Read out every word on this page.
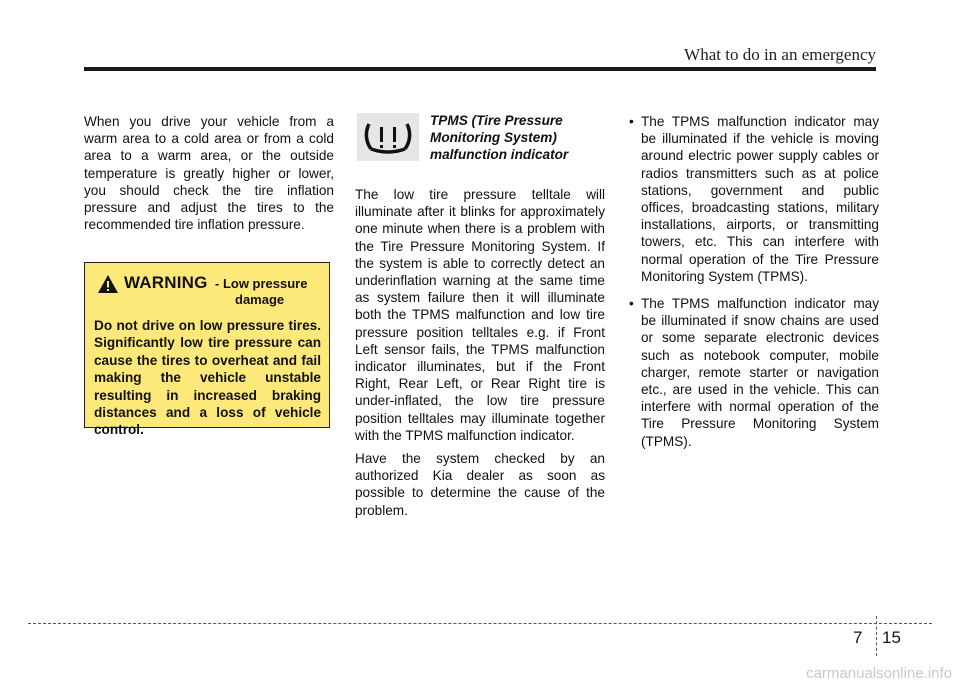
What to do in an emergency

When you drive your vehicle from a warm area to a cold area or from a cold area to a warm area, or the outside temperature is greatly higher or lower, you should check the tire inflation pressure and adjust the tires to the recommended tire inflation pressure.

WARNING - Low pressure
damage
Do not drive on low pressure tires. Significantly low tire pressure can cause the tires to overheat and fail making the vehicle unstable resulting in increased braking distances and a loss of vehicle control.
TPMS (Tire Pressure
Monitoring System)
malfunction indicator

The low tire pressure telltale will illuminate after it blinks for approximately one minute when there is a problem with the Tire Pressure Monitoring System. If the system is able to correctly detect an underinflation warning at the same time as system failure then it will illuminate both the TPMS malfunction and low tire pressure position telltales e.g. if Front Left sensor fails, the TPMS malfunction indicator illuminates, but if the Front Right, Rear Left, or Rear Right tire is under-inflated, the low tire pressure position telltales may illuminate together with the TPMS malfunction indicator.

Have the system checked by an authorized Kia dealer as soon as possible to determine the cause of the problem.

• The TPMS malfunction indicator may be illuminated if the vehicle is moving around electric power supply cables or radios transmitters such as at police stations, government and public offices, broadcasting stations, military installations, airports, or transmitting towers, etc. This can interfere with normal operation of the Tire Pressure Monitoring System (TPMS).
• The TPMS malfunction indicator may be illuminated if snow chains are used or some separate electronic devices such as notebook computer, mobile charger, remote starter or navigation etc., are used in the vehicle. This can interfere with normal operation of the Tire Pressure Monitoring System (TPMS).
7 15
carmanualsonline.info
